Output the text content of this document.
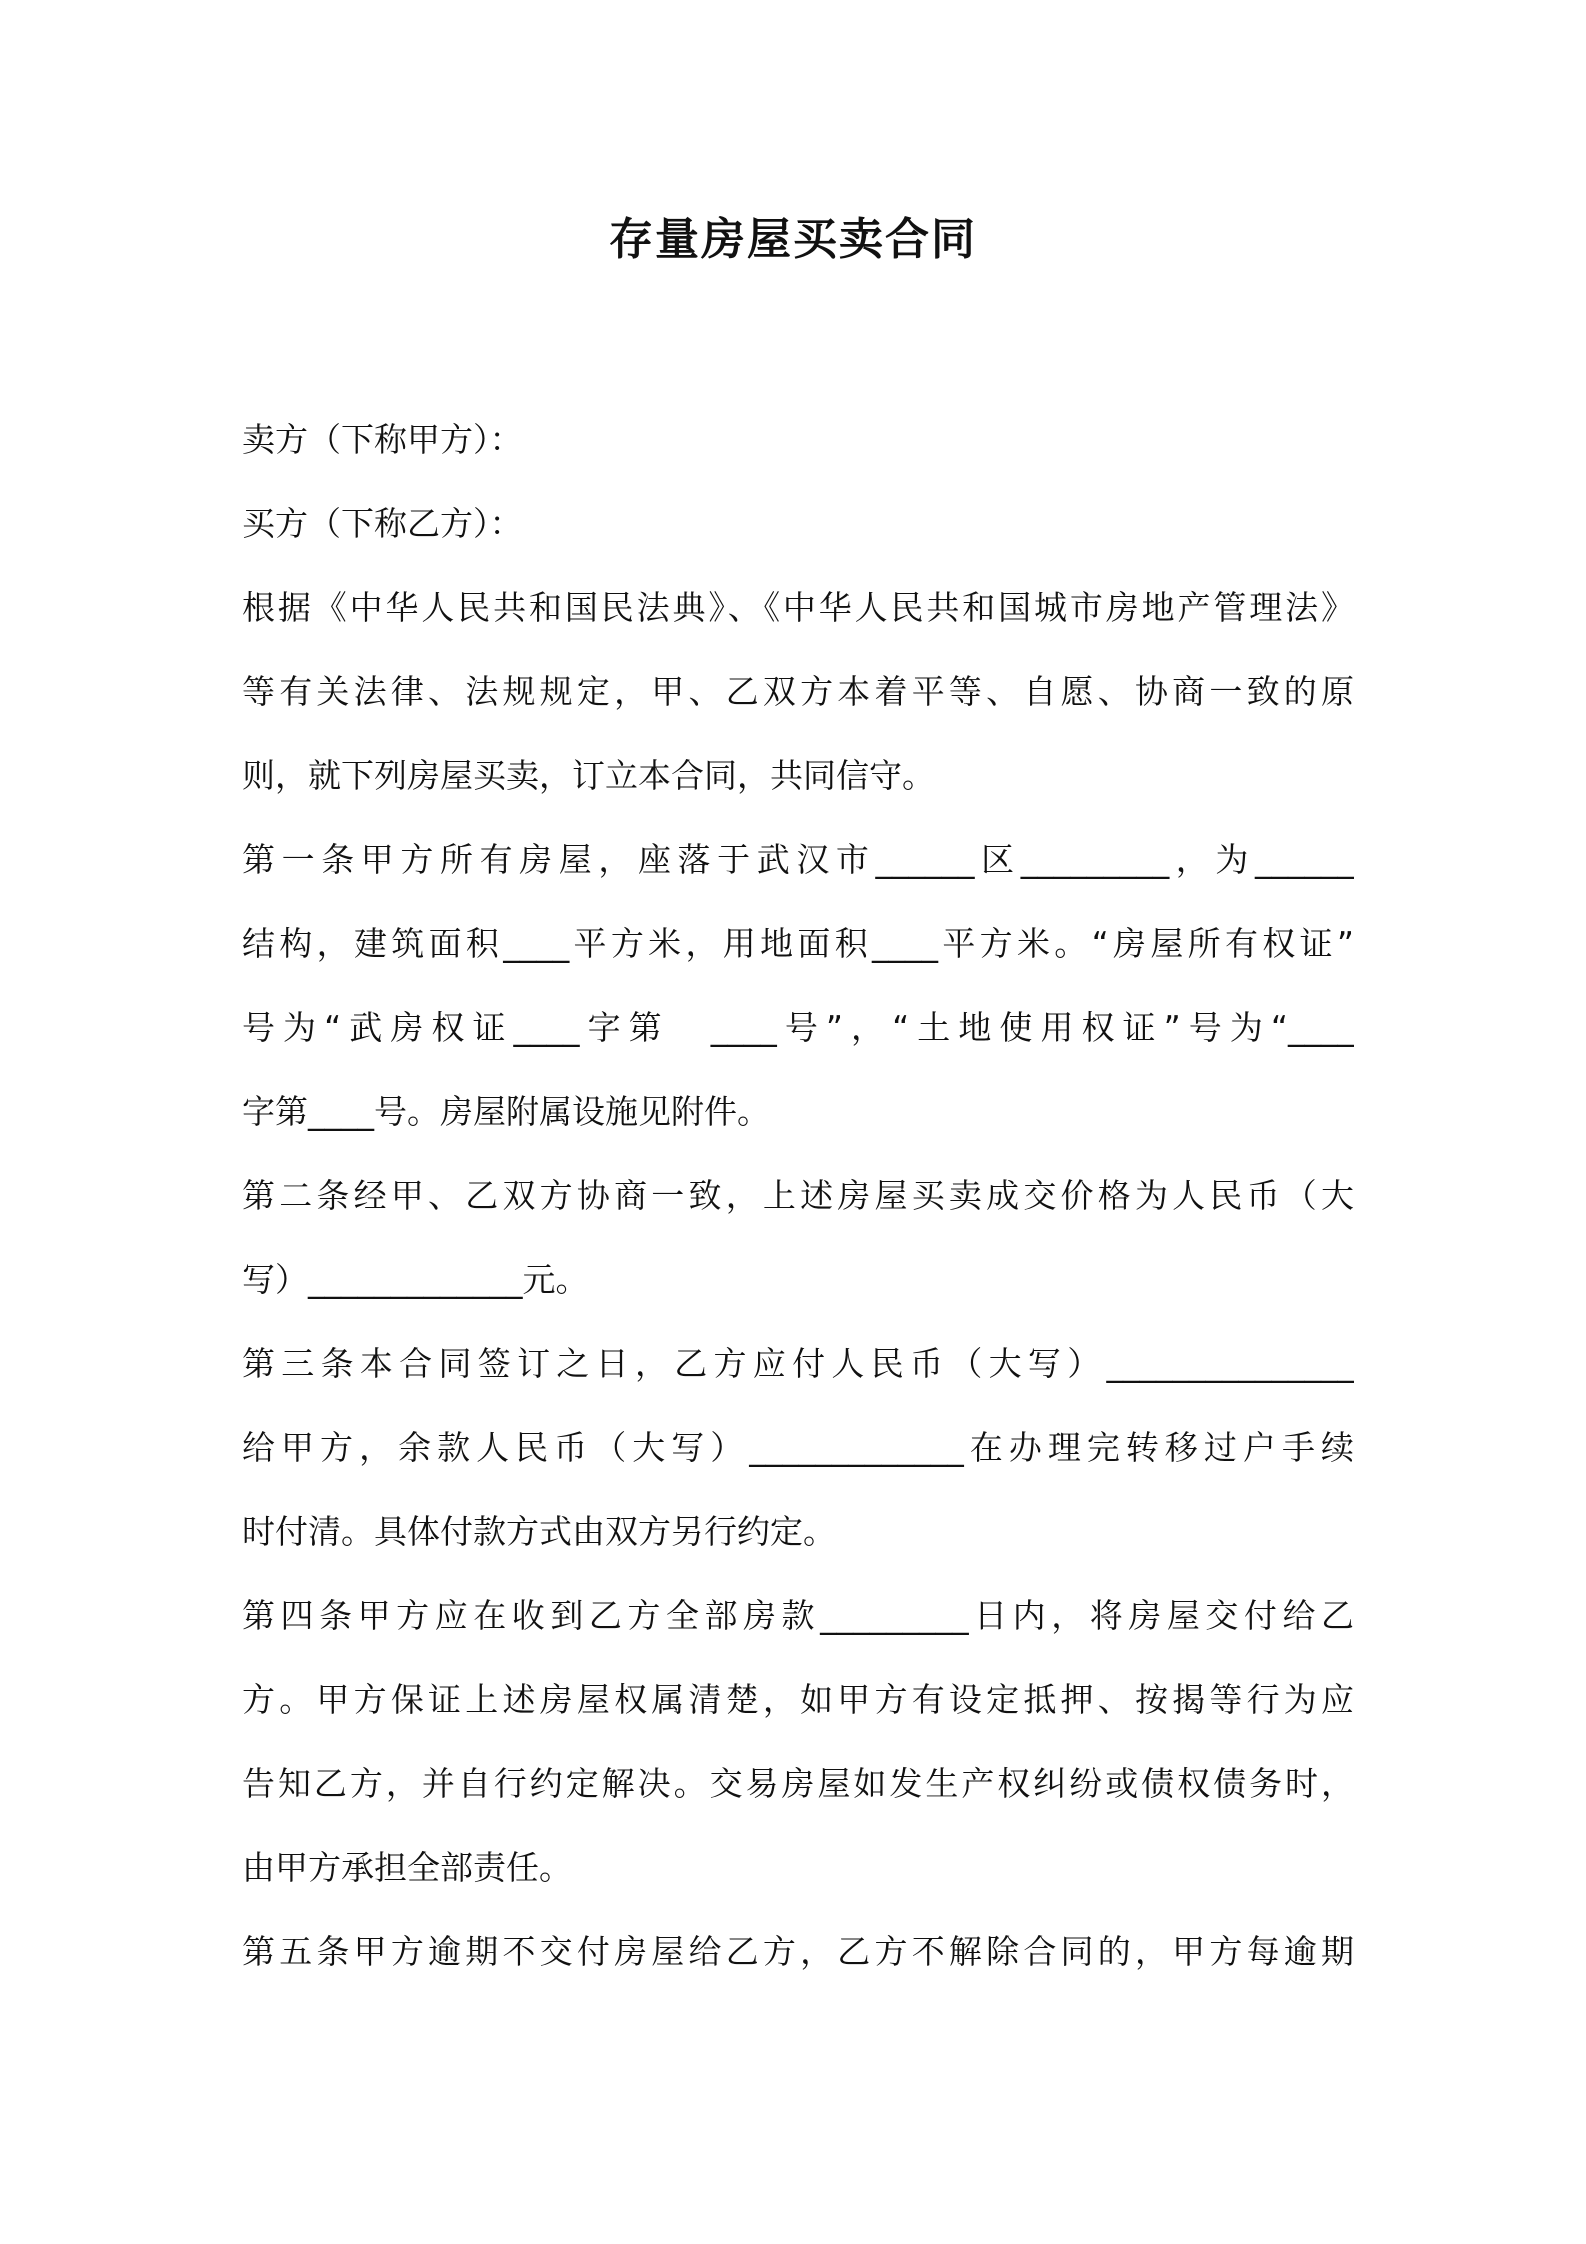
存量房屋买卖合同
卖方（下称甲方）：
买方（下称乙方）：
根据《中华人民共和国民法典》、《中华人民共和国城市房地产管理法》
等有关法律、法规规定，甲、乙双方本着平等、自愿、协商一致的原
则，就下列房屋买卖，订立本合同，共同信守。
第一条甲方所有房屋，座落于武汉市______区_________，为______
结构，建筑面积____平方米，用地面积____平方米。“房屋所有权证”
号为“武房权证____字第　____号”，“土地使用权证”号为“____
字第____号。房屋附属设施见附件。
第二条经甲、乙双方协商一致，上述房屋买卖成交价格为人民币（大
写）_____________元。
第三条本合同签订之日，乙方应付人民币（大写）_______________
给甲方，余款人民币（大写）_____________在办理完转移过户手续
时付清。具体付款方式由双方另行约定。
第四条甲方应在收到乙方全部房款_________日内，将房屋交付给乙
方。甲方保证上述房屋权属清楚，如甲方有设定抵押、按揭等行为应
告知乙方，并自行约定解决。交易房屋如发生产权纠纷或债权债务时，
由甲方承担全部责任。
第五条甲方逾期不交付房屋给乙方，乙方不解除合同的，甲方每逾期
